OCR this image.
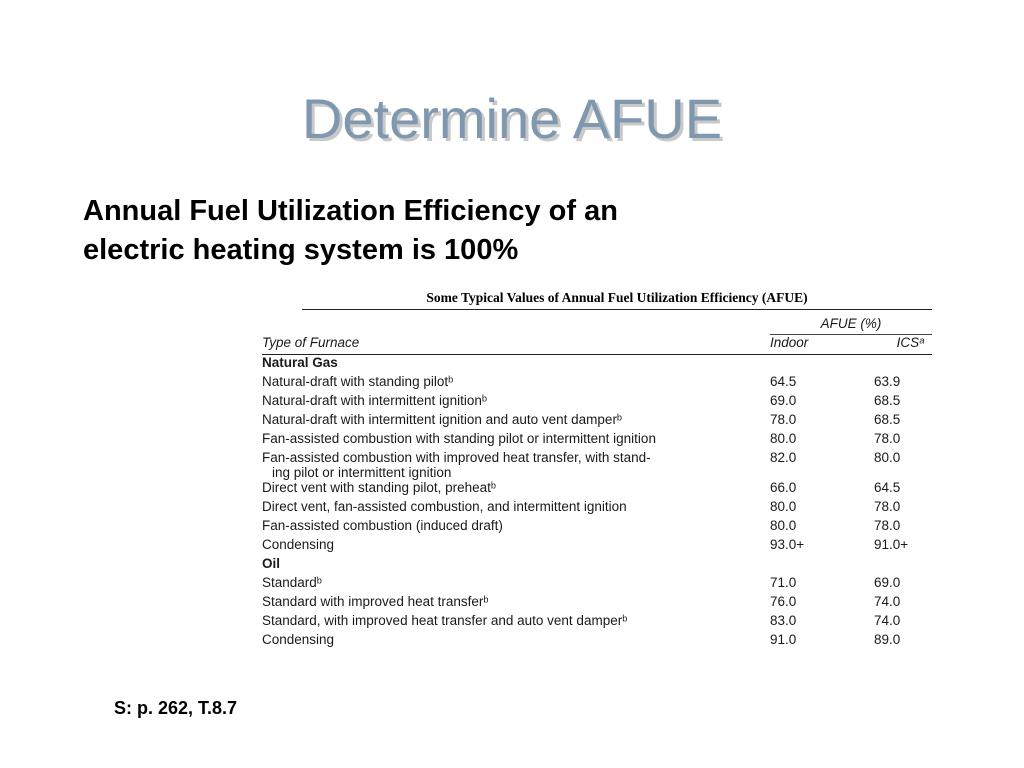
Determine AFUE
Annual Fuel Utilization Efficiency of an
electric heating system is 100%
Some Typical Values of Annual Fuel Utilization Efficiency (AFUE)
	AFUE (%)	
Type of Furnace	Indoor	ICSᵃ
Natural Gas		

Natural-draft with standing pilotᵇ	64.5	63.9

Natural-draft with intermittent ignitionᵇ	69.0	68.5

Natural-draft with intermittent ignition and auto vent damperᵇ	78.0	68.5

Fan-assisted combustion with standing pilot or intermittent ignition	80.0	78.0

Fan-assisted combustion with improved heat transfer, with stand-
ing pilot or intermittent ignition	82.0	80.0

Direct vent with standing pilot, preheatᵇ	66.0	64.5

Direct vent, fan-assisted combustion, and intermittent ignition	80.0	78.0

Fan-assisted combustion (induced draft)	80.0	78.0

Condensing	93.0+	91.0+
Oil		

Standardᵇ	71.0	69.0

Standard with improved heat transferᵇ	76.0	74.0

Standard, with improved heat transfer and auto vent damperᵇ	83.0	74.0

Condensing	91.0	89.0
S: p. 262, T.8.7
